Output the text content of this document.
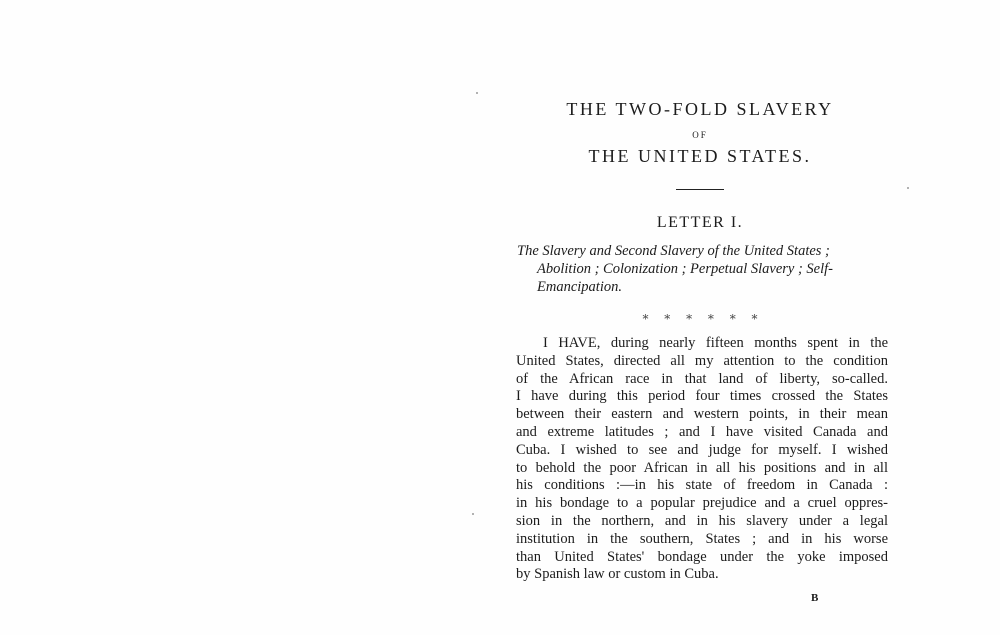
THE TWO-FOLD SLAVERY
OF
THE UNITED STATES.
LETTER I.
The Slavery and Second Slavery of the United States ;
Abolition ; Colonization ; Perpetual Slavery ; Self-
Emancipation.
* * * * * *
I HAVE, during nearly fifteen months spent in the
United States, directed all my attention to the condition
of the African race in that land of liberty, so-called.
I have during this period four times crossed the States
between their eastern and western points, in their mean
and extreme latitudes ; and I have visited Canada and
Cuba. I wished to see and judge for myself. I wished
to behold the poor African in all his positions and in all
his conditions :—in his state of freedom in Canada :
in his bondage to a popular prejudice and a cruel oppres-
sion in the northern, and in his slavery under a legal
institution in the southern, States ; and in his worse
than United States' bondage under the yoke imposed
by Spanish law or custom in Cuba.
B
